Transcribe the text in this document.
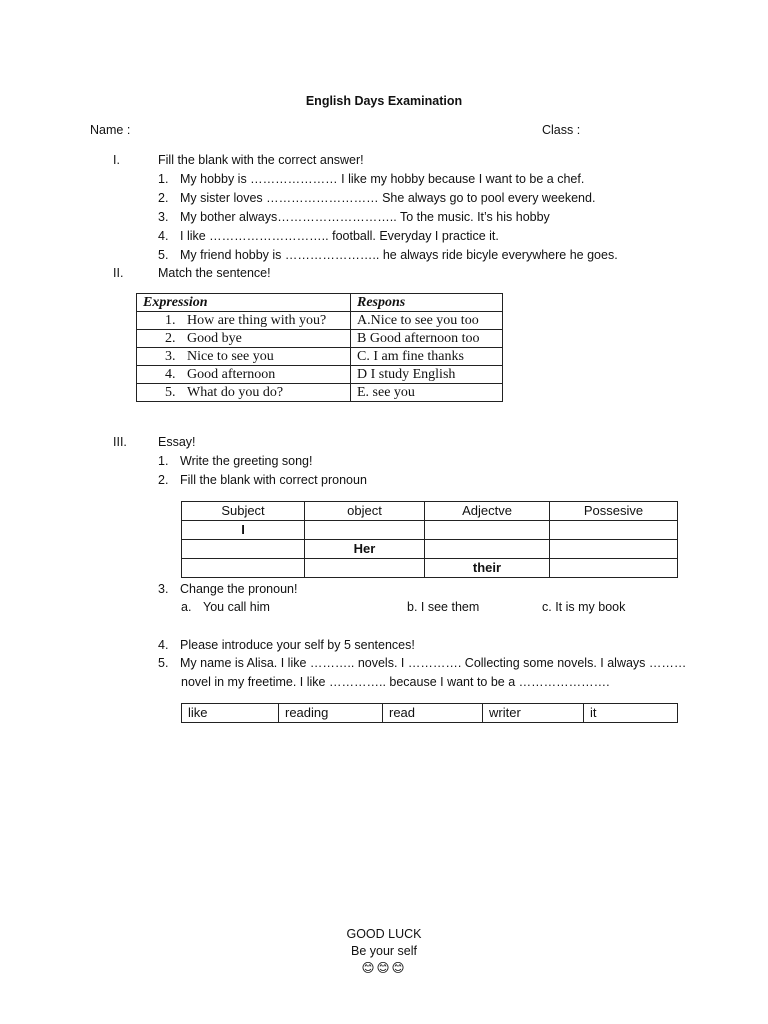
English Days Examination
Name :	Class :
I.	Fill the blank with the correct answer!
1. My hobby is ………………… I like my hobby because I want to be a chef.
2. My sister loves ……………………… She always go to pool every weekend.
3. My bother always……………………….. To the music. It’s his hobby
4. I like ……………………….. football. Everyday I practice it.
5. My friend hobby is ………………….. he always ride bicyle everywhere he goes.
II.	Match the sentence!
Expression	Respons
1. How are thing with you?	A.Nice to see you too
2. Good bye	B Good afternoon too
3. Nice to see you	C. I am fine thanks
4. Good afternoon	D I study English
5. What do you do?	E. see you
III. Essay!
1. Write the greeting song!
2. Fill the blank with correct pronoun
Subject	object	Adjectve	Possesive
I			
	Her		
		their	
3. Change the pronoun!
a. You call him	b. I see them	c. It is my book
4. Please introduce your self by 5 sentences!
5. My name is Alisa. I like ……….. novels. I …………. Collecting some novels. I always ………
novel in my freetime. I like ………….. because I want to be a ………………….
like	reading	read	writer	it
GOOD LUCK
Be your self
😊😊😊
